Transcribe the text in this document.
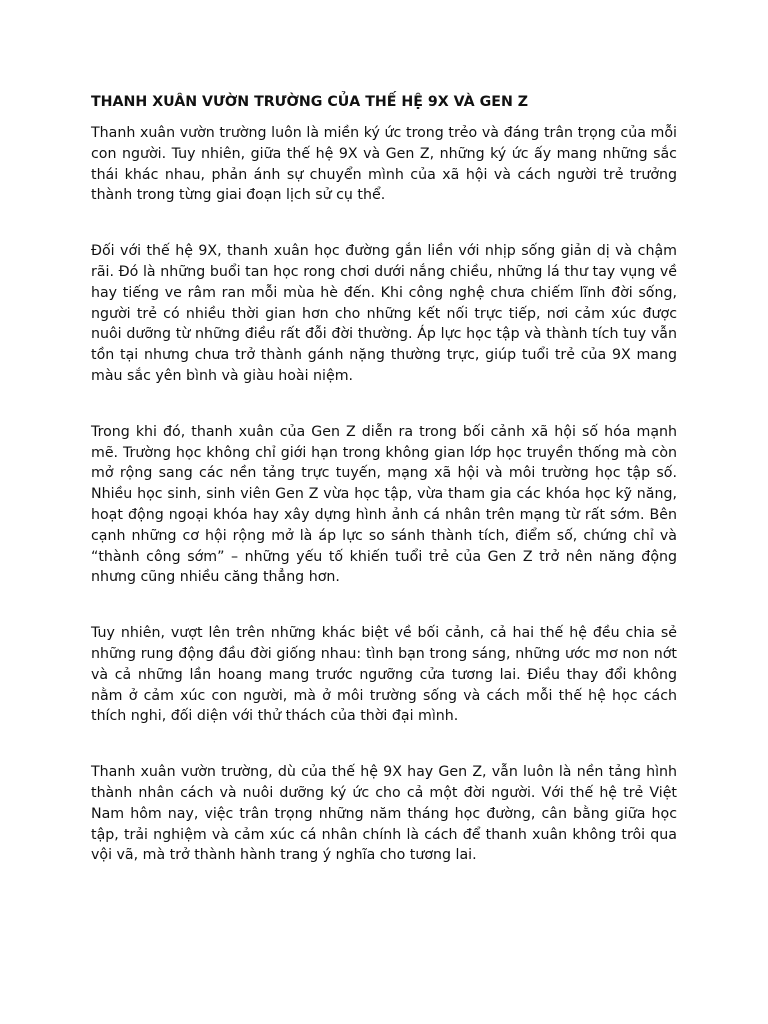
THANH XUÂN VƯỜN TRƯỜNG CỦA THẾ HỆ 9X VÀ GEN Z

Thanh xuân vườn trường luôn là miền ký ức trong trẻo và đáng trân trọng của mỗi con người. Tuy nhiên, giữa thế hệ 9X và Gen Z, những ký ức ấy mang những sắc thái khác nhau, phản ánh sự chuyển mình của xã hội và cách người trẻ trưởng thành trong từng giai đoạn lịch sử cụ thể.

Đối với thế hệ 9X, thanh xuân học đường gắn liền với nhịp sống giản dị và chậm rãi. Đó là những buổi tan học rong chơi dưới nắng chiều, những lá thư tay vụng về hay tiếng ve râm ran mỗi mùa hè đến. Khi công nghệ chưa chiếm lĩnh đời sống, người trẻ có nhiều thời gian hơn cho những kết nối trực tiếp, nơi cảm xúc được nuôi dưỡng từ những điều rất đỗi đời thường. Áp lực học tập và thành tích tuy vẫn tồn tại nhưng chưa trở thành gánh nặng thường trực, giúp tuổi trẻ của 9X mang màu sắc yên bình và giàu hoài niệm.

Trong khi đó, thanh xuân của Gen Z diễn ra trong bối cảnh xã hội số hóa mạnh mẽ. Trường học không chỉ giới hạn trong không gian lớp học truyền thống mà còn mở rộng sang các nền tảng trực tuyến, mạng xã hội và môi trường học tập số. Nhiều học sinh, sinh viên Gen Z vừa học tập, vừa tham gia các khóa học kỹ năng, hoạt động ngoại khóa hay xây dựng hình ảnh cá nhân trên mạng từ rất sớm. Bên cạnh những cơ hội rộng mở là áp lực so sánh thành tích, điểm số, chứng chỉ và “thành công sớm” – những yếu tố khiến tuổi trẻ của Gen Z trở nên năng động nhưng cũng nhiều căng thẳng hơn.

Tuy nhiên, vượt lên trên những khác biệt về bối cảnh, cả hai thế hệ đều chia sẻ những rung động đầu đời giống nhau: tình bạn trong sáng, những ước mơ non nớt và cả những lần hoang mang trước ngưỡng cửa tương lai. Điều thay đổi không nằm ở cảm xúc con người, mà ở môi trường sống và cách mỗi thế hệ học cách thích nghi, đối diện với thử thách của thời đại mình.

Thanh xuân vườn trường, dù của thế hệ 9X hay Gen Z, vẫn luôn là nền tảng hình thành nhân cách và nuôi dưỡng ký ức cho cả một đời người. Với thế hệ trẻ Việt Nam hôm nay, việc trân trọng những năm tháng học đường, cân bằng giữa học tập, trải nghiệm và cảm xúc cá nhân chính là cách để thanh xuân không trôi qua vội vã, mà trở thành hành trang ý nghĩa cho tương lai.
